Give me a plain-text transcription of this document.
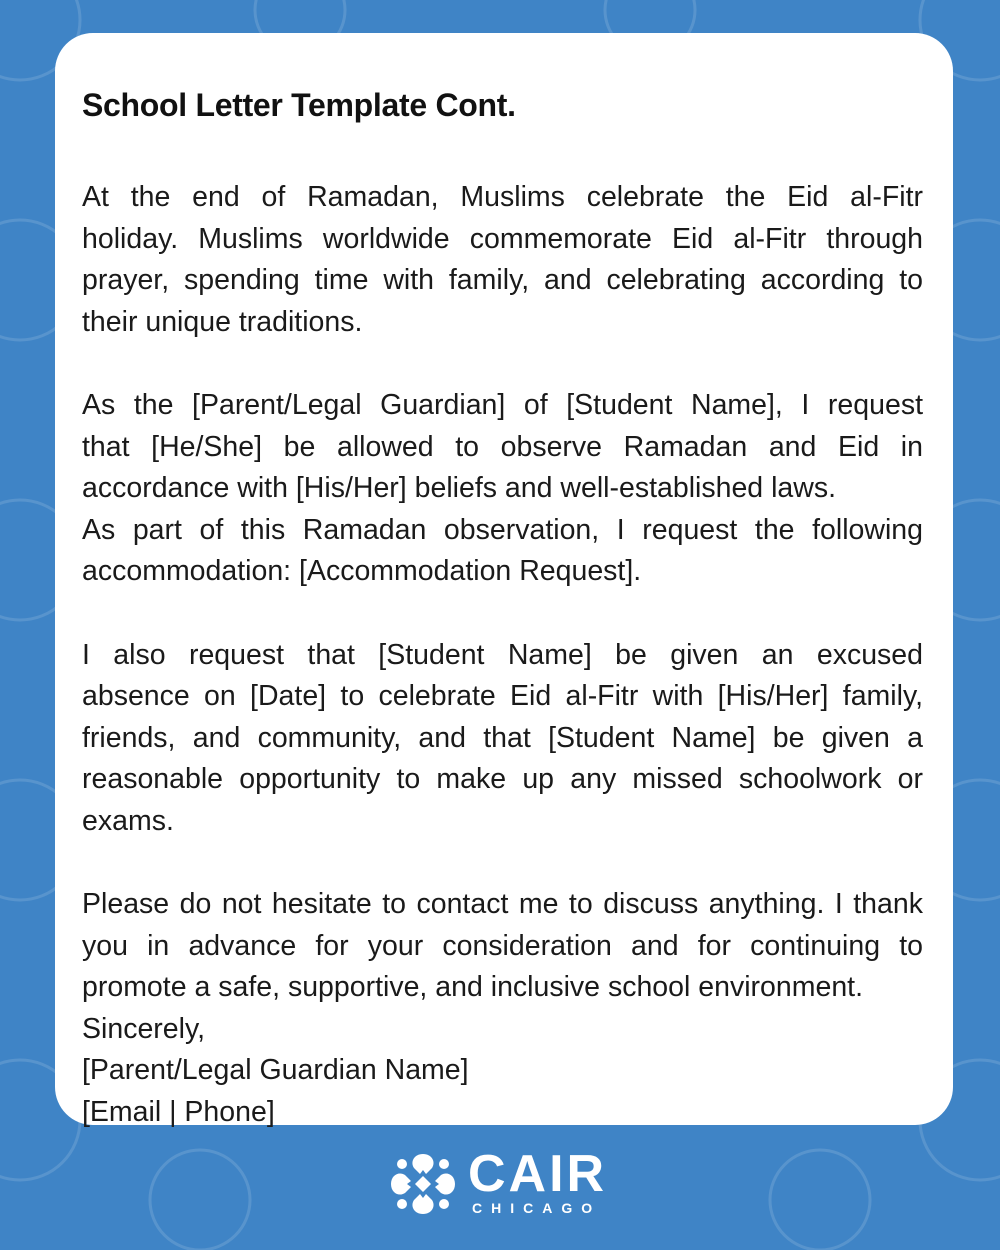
School Letter Template Cont.

At the end of Ramadan, Muslims celebrate the Eid al-Fitr
holiday. Muslims worldwide commemorate Eid al-Fitr through
prayer, spending time with family, and celebrating according to
their unique traditions.

As the [Parent/Legal Guardian] of [Student Name], I request
that [He/She] be allowed to observe Ramadan and Eid in
accordance with [His/Her] beliefs and well-established laws.
As part of this Ramadan observation, I request the following
accommodation: [Accommodation Request].

I also request that [Student Name] be given an excused
absence on [Date] to celebrate Eid al-Fitr with [His/Her] family,
friends, and community, and that [Student Name] be given a
reasonable opportunity to make up any missed schoolwork or
exams.

Please do not hesitate to contact me to discuss anything. I thank
you in advance for your consideration and for continuing to
promote a safe, supportive, and inclusive school environment.
Sincerely,
[Parent/Legal Guardian Name]
[Email | Phone]

CAIR
CHICAGO
